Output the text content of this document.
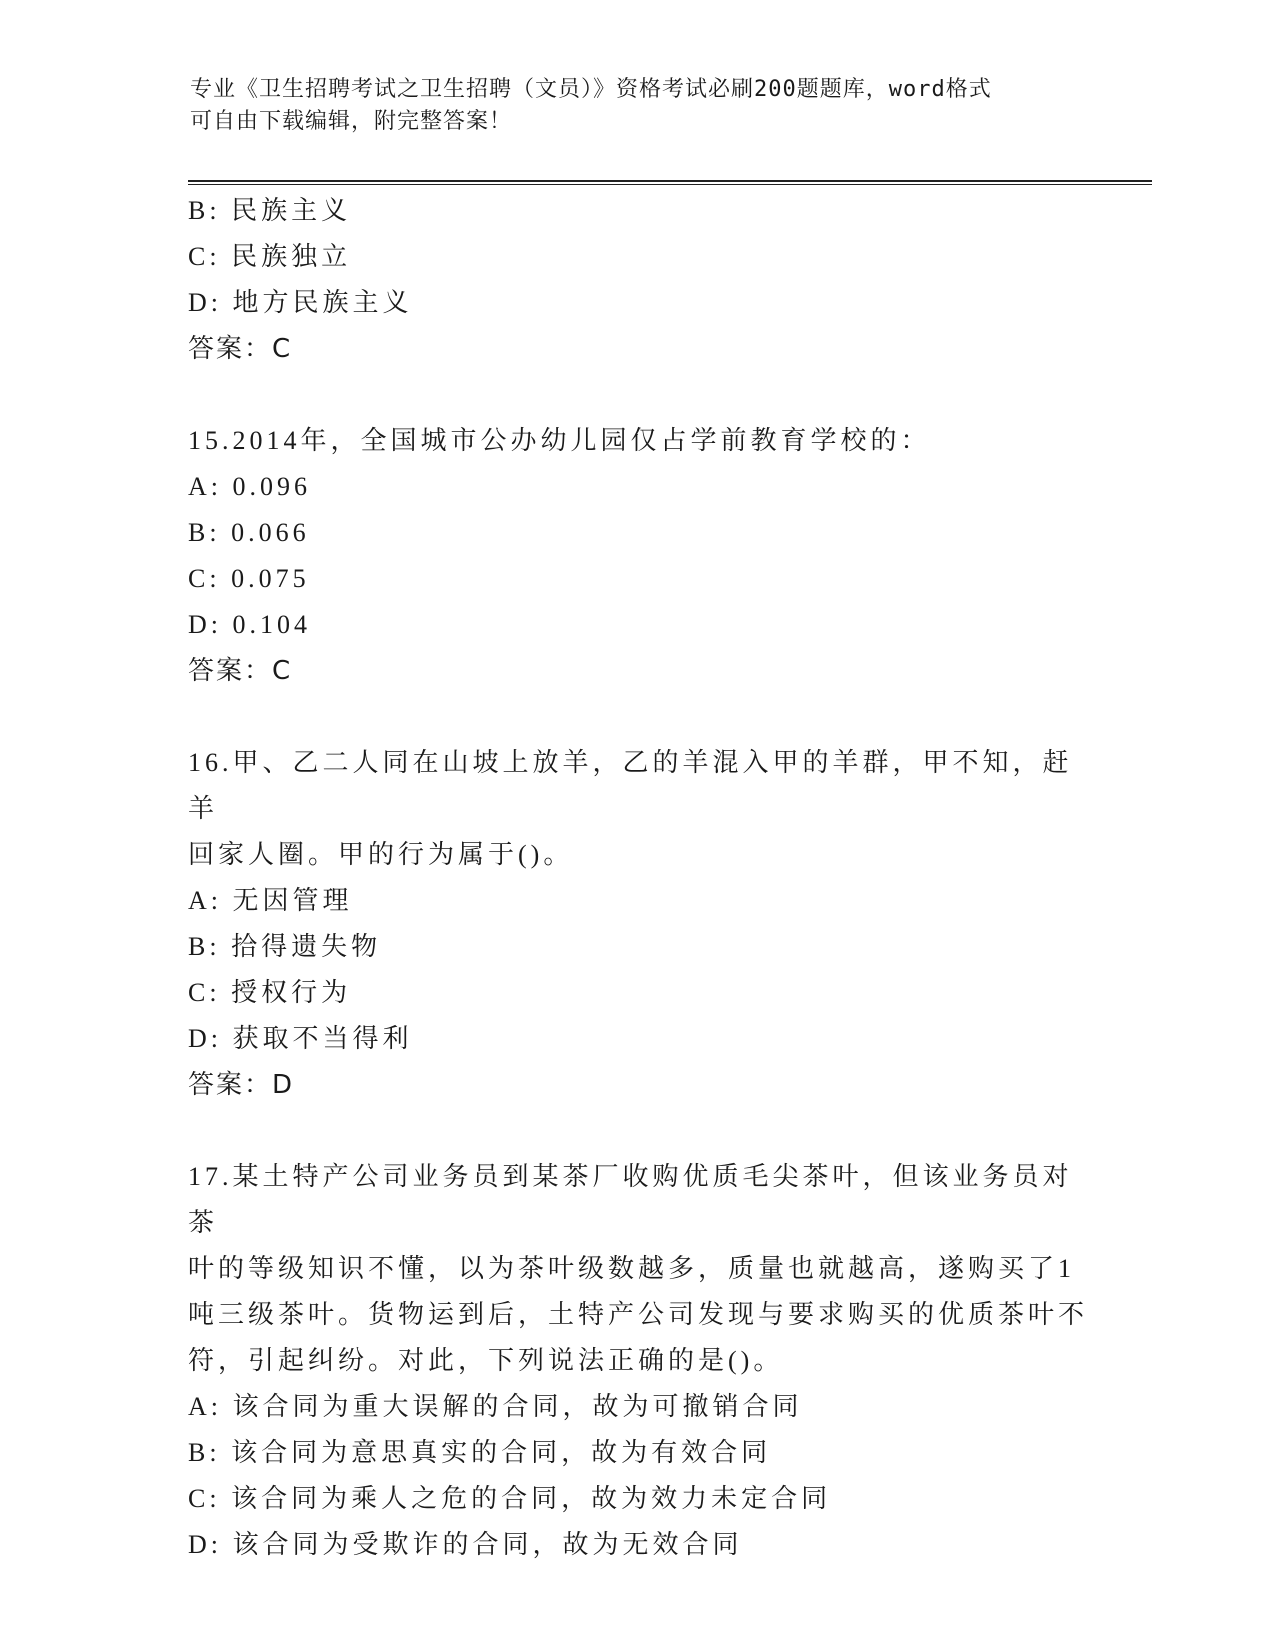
专业《卫生招聘考试之卫生招聘（文员）》资格考试必刷200题题库，word格式
可自由下载编辑，附完整答案！
B: 民族主义
C: 民族独立
D: 地方民族主义
答案：C
15.2014年，全国城市公办幼儿园仅占学前教育学校的：
A: 0.096
B: 0.066
C: 0.075
D: 0.104
答案：C
16.甲、乙二人同在山坡上放羊，乙的羊混入甲的羊群，甲不知，赶羊
回家人圈。甲的行为属于()。
A: 无因管理
B: 拾得遗失物
C: 授权行为
D: 获取不当得利
答案：D
17.某土特产公司业务员到某茶厂收购优质毛尖茶叶，但该业务员对茶
叶的等级知识不懂，以为茶叶级数越多，质量也就越高，遂购买了1
吨三级茶叶。货物运到后，土特产公司发现与要求购买的优质茶叶不
符，引起纠纷。对此，下列说法正确的是()。
A: 该合同为重大误解的合同，故为可撤销合同
B: 该合同为意思真实的合同，故为有效合同
C: 该合同为乘人之危的合同，故为效力未定合同
D: 该合同为受欺诈的合同，故为无效合同
